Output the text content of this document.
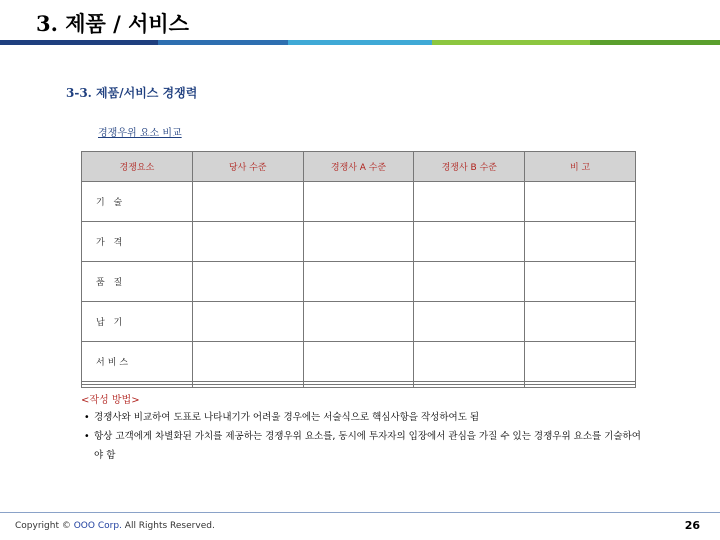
3. 제품 / 서비스
3-3. 제품/서비스 경쟁력
경쟁우위 요소 비교
경쟁요소	당사 수준	경쟁사 A 수준	경쟁사 B 수준	비 고
기 술				
가 격				
품 질				
납 기				
서비스				

<작성 방법>
• 경쟁사와 비교하여 도표로 나타내기가 어려울 경우에는 서술식으로 핵심사항을 작성하여도 됨
• 항상 고객에게 차별화된 가치를 제공하는 경쟁우위 요소를, 동시에 투자자의 입장에서 관심을 가질 수 있는 경쟁우위 요소를 기술하여야 함
Copyright © OOO Corp. All Rights Reserved.	26
